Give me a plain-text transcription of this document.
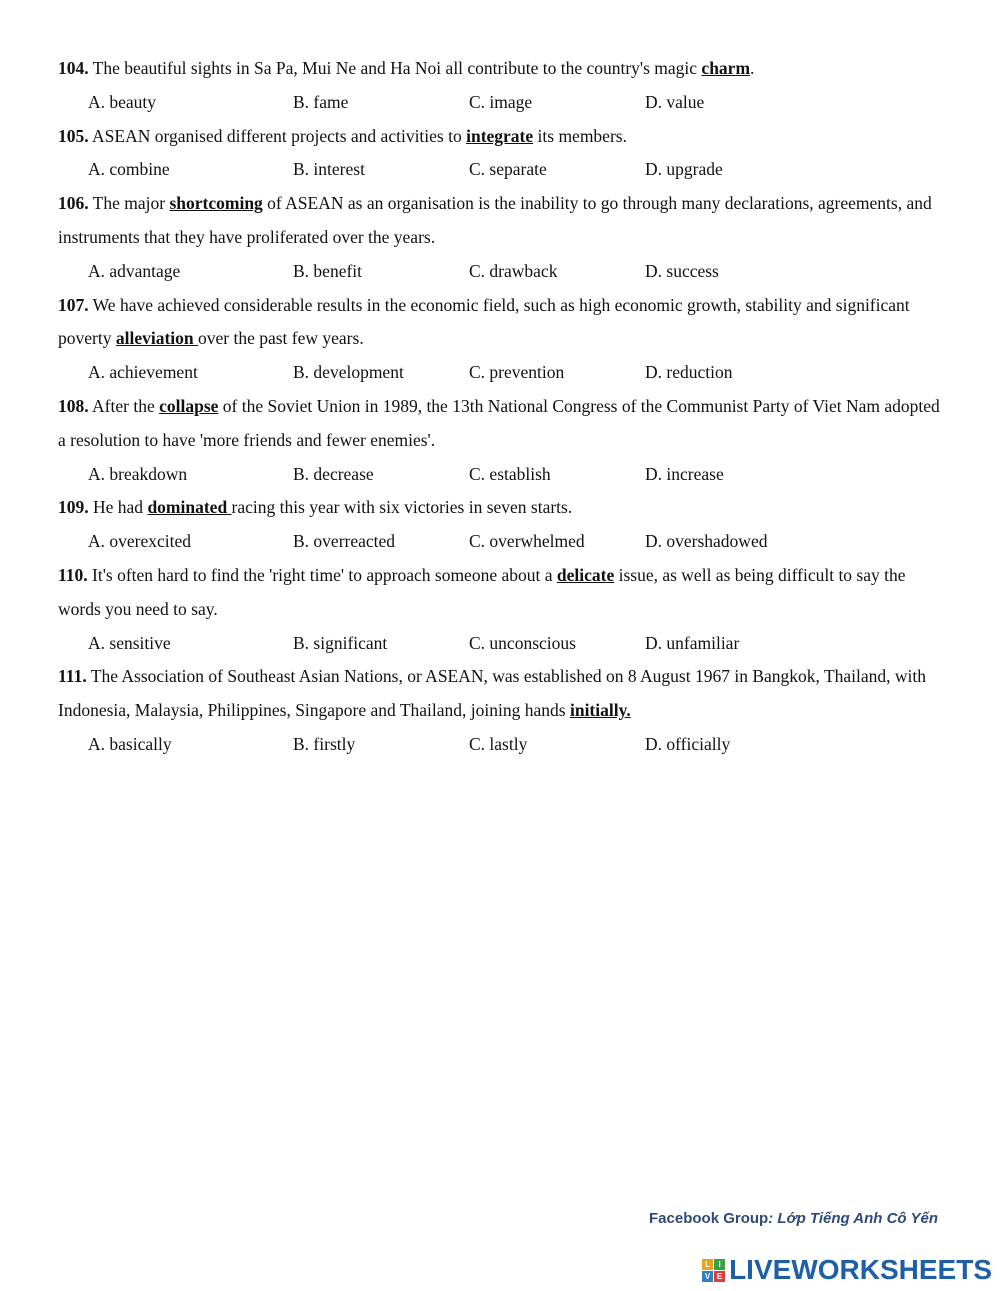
104. The beautiful sights in Sa Pa, Mui Ne and Ha Noi all contribute to the country's magic charm.

A. beauty	B. fame	C. image	D. value

105. ASEAN organised different projects and activities to integrate its members.

A. combine	B. interest	C. separate	D. upgrade

106. The major shortcoming of ASEAN as an organisation is the inability to go through many declarations, agreements, and instruments that they have proliferated over the years.

A. advantage	B. benefit	C. drawback	D. success

107. We have achieved considerable results in the economic field, such as high economic growth, stability and significant poverty alleviation over the past few years.

A. achievement	B. development	C. prevention	D. reduction

108. After the collapse of the Soviet Union in 1989, the 13th National Congress of the Communist Party of Viet Nam adopted a resolution to have 'more friends and fewer enemies'.

A. breakdown	B. decrease	C. establish	D. increase

109. He had dominated racing this year with six victories in seven starts.

A. overexcited	B. overreacted	C. overwhelmed	D. overshadowed

110. It's often hard to find the 'right time' to approach someone about a delicate issue, as well as being difficult to say the words you need to say.

A. sensitive	B. significant	C. unconscious	D. unfamiliar

111. The Association of Southeast Asian Nations, or ASEAN, was established on 8 August 1967 in Bangkok, Thailand, with Indonesia, Malaysia, Philippines, Singapore and Thailand, joining hands initially.

A. basically	B. firstly	C. lastly	D. officially
Facebook Group: Lớp Tiếng Anh Cô Yến
L	I
V E LIVEWORKSHEETS
